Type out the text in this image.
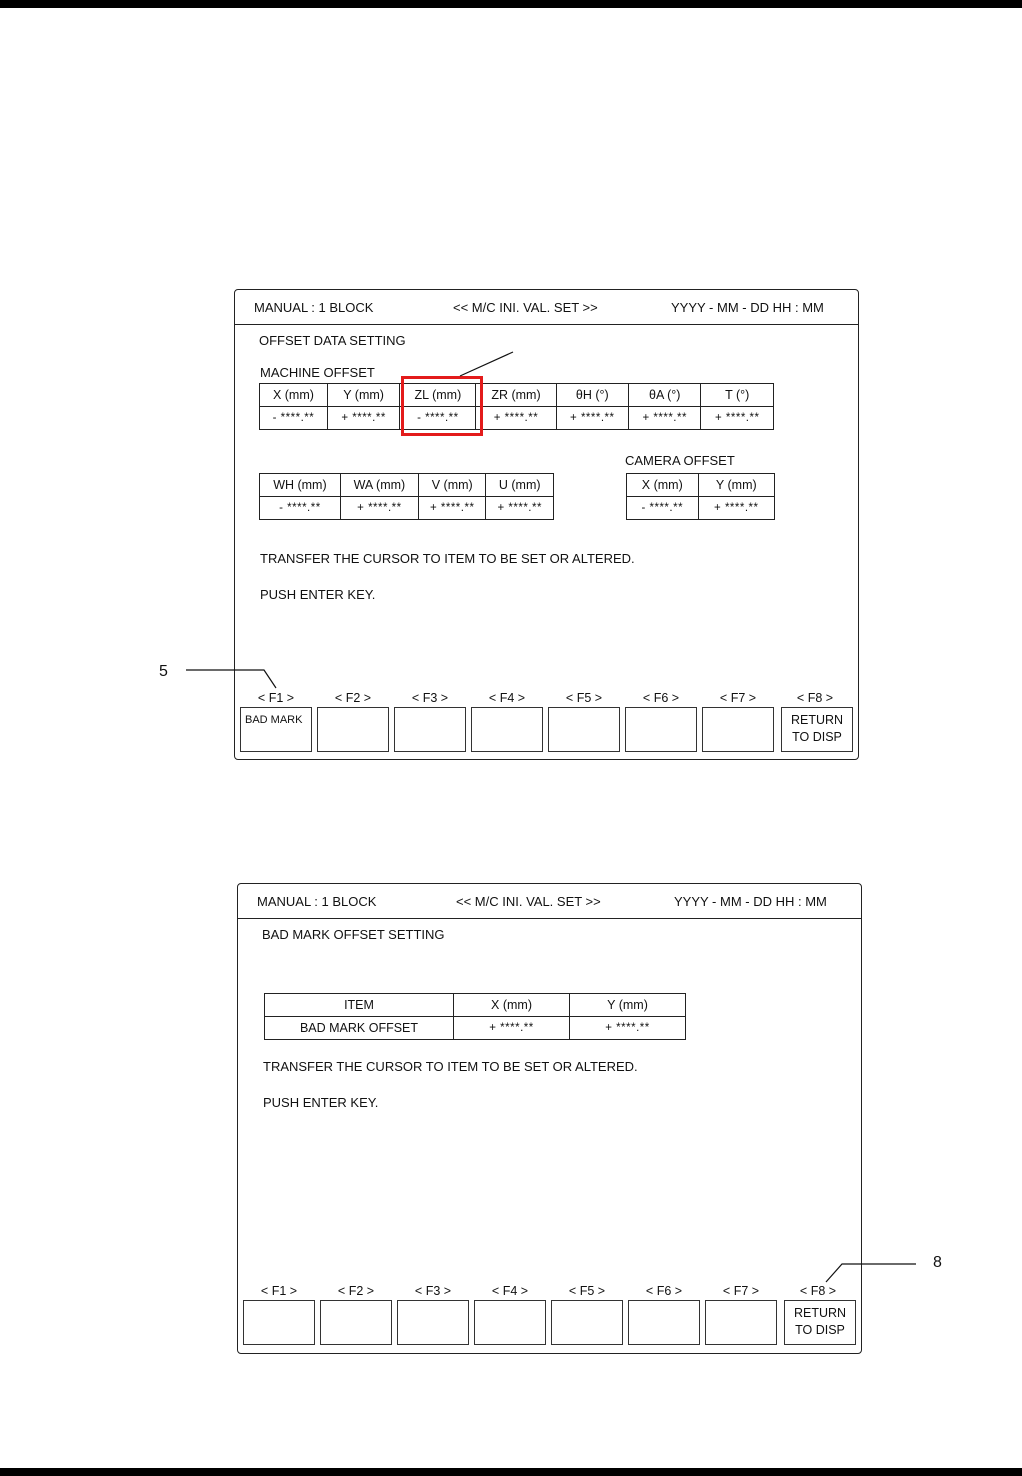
MANUAL : 1 BLOCK	<< M/C INI. VAL. SET >>	YYYY - MM - DD HH : MM
OFFSET DATA SETTING
MACHINE OFFSET
X (mm)	Y (mm)	ZL (mm)	ZR (mm)	θH (°)	θA (°)	T (°)
- ****.**	+ ****.**	- ****.**	+ ****.**	+ ****.**	+ ****.**	+ ****.**
WH (mm)	WA (mm)	V (mm)	U (mm)
- ****.**	+ ****.**	+ ****.**	+ ****.**
CAMERA OFFSET
X (mm)	Y (mm)
- ****.**	+ ****.**
TRANSFER THE CURSOR TO ITEM TO BE SET OR ALTERED.
PUSH ENTER KEY.
< F1 >	< F2 >	< F3 >	< F4 >	< F5 >	< F6 >	< F7 >	< F8 >
BAD MARK	RETURN
TO DISP
5
MANUAL : 1 BLOCK	<< M/C INI. VAL. SET >>	YYYY - MM - DD HH : MM
BAD MARK OFFSET SETTING
ITEM	X (mm)	Y (mm)
BAD MARK OFFSET	+ ****.**	+ ****.**
TRANSFER THE CURSOR TO ITEM TO BE SET OR ALTERED.
PUSH ENTER KEY.
< F1 >	< F2 >	< F3 >	< F4 >	< F5 >	< F6 >	< F7 >	< F8 >
RETURN
TO DISP
8
